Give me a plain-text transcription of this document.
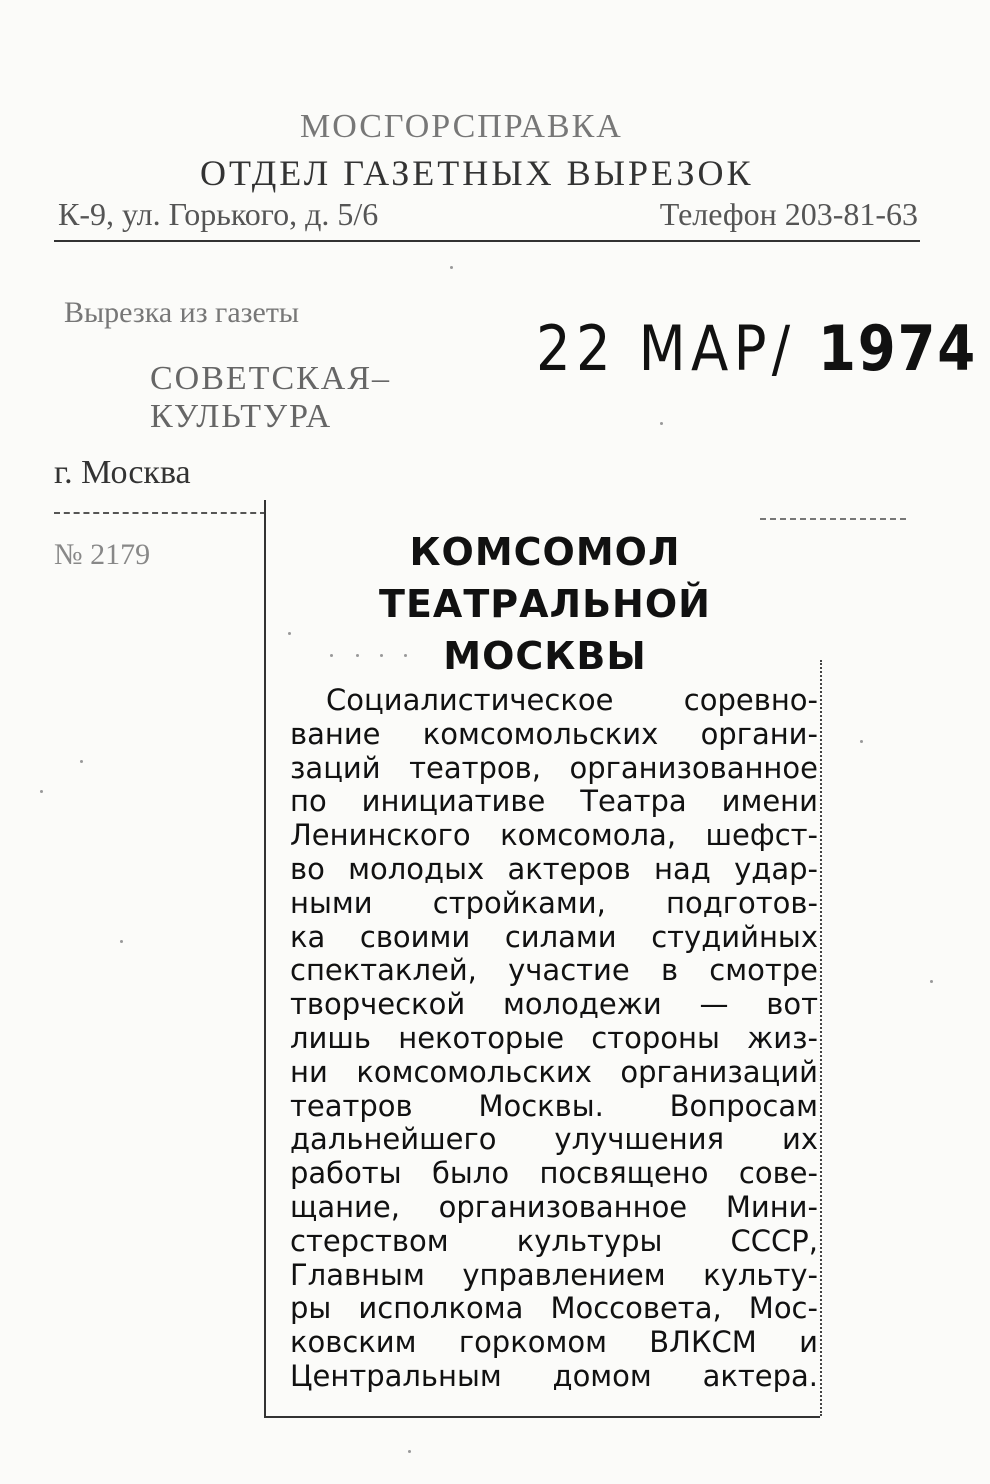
МОСГОРСПРАВКА
ОТДЕЛ ГАЗЕТНЫХ ВЫРЕЗОК
К-9, ул. Горького, д. 5/6	Телефон 203-81-63
Вырезка из газеты
СОВЕТСКАЯ–
КУЛЬТУРА
г. Москва
22 МАР/ 1974
№ 2179	КОМСОМОЛ
ТЕАТРАЛЬНОЙ
МОСКВЫ
Социалистическое соревно-
вание комсомольских органи-
заций театров, организованное
по инициативе Театра имени
Ленинского комсомола, шефст-
во молодых актеров над удар-
ными стройками, подготов-
ка своими силами студийных
спектаклей, участие в смотре
творческой молодежи — вот
лишь некоторые стороны жиз-
ни комсомольских организаций
театров Москвы. Вопросам
дальнейшего улучшения их
работы было посвящено сове-
щание, организованное Мини-
стерством культуры СССР,
Главным управлением культу-
ры исполкома Моссовета, Мос-
ковским горкомом ВЛКСМ и
Центральным домом актера.
